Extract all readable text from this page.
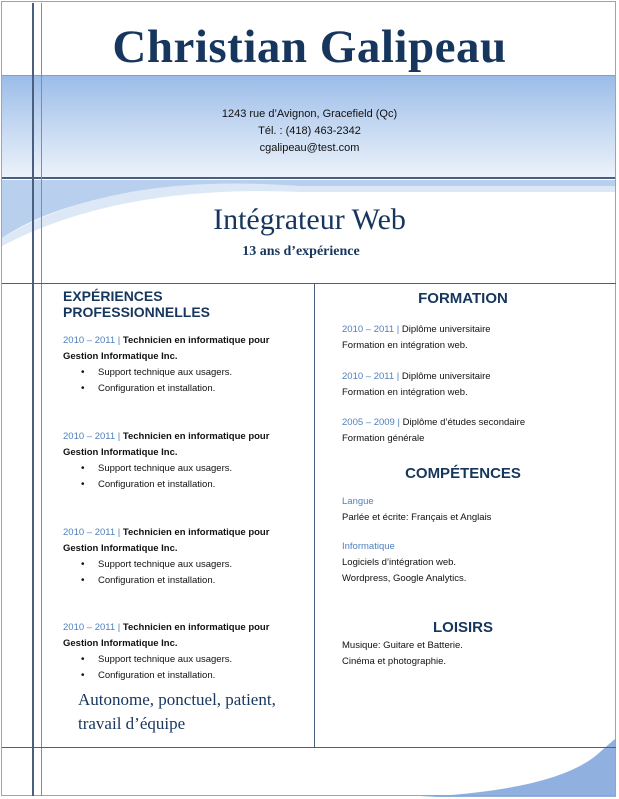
Christian Galipeau
1243 rue d’Avignon, Gracefield (Qc)
Tél. : (418) 463-2342
cgalipeau@test.com
Intégrateur Web
13 ans d’expérience
EXPÉRIENCES PROFESSIONNELLES
2010 – 2011 | Technicien en informatique pour
Gestion Informatique Inc.
• Support technique aux usagers.
• Configuration et installation.
2010 – 2011 | Technicien en informatique pour
Gestion Informatique Inc.
• Support technique aux usagers.
• Configuration et installation.
2010 – 2011 | Technicien en informatique pour
Gestion Informatique Inc.
• Support technique aux usagers.
• Configuration et installation.
2010 – 2011 | Technicien en informatique pour
Gestion Informatique Inc.
• Support technique aux usagers.
• Configuration et installation.
Autonome, ponctuel, patient,
travail d’équipe
FORMATION
2010 – 2011 | Diplôme universitaire
Formation en intégration web.
2010 – 2011 | Diplôme universitaire
Formation en intégration web.
2005 – 2009 | Diplôme d’études secondaire
Formation générale
COMPÉTENCES
Langue
Parlée et écrite: Français et Anglais
Informatique
Logiciels d’intégration web.
Wordpress, Google Analytics.
LOISIRS
Musique: Guitare et Batterie.
Cinéma et photographie.
